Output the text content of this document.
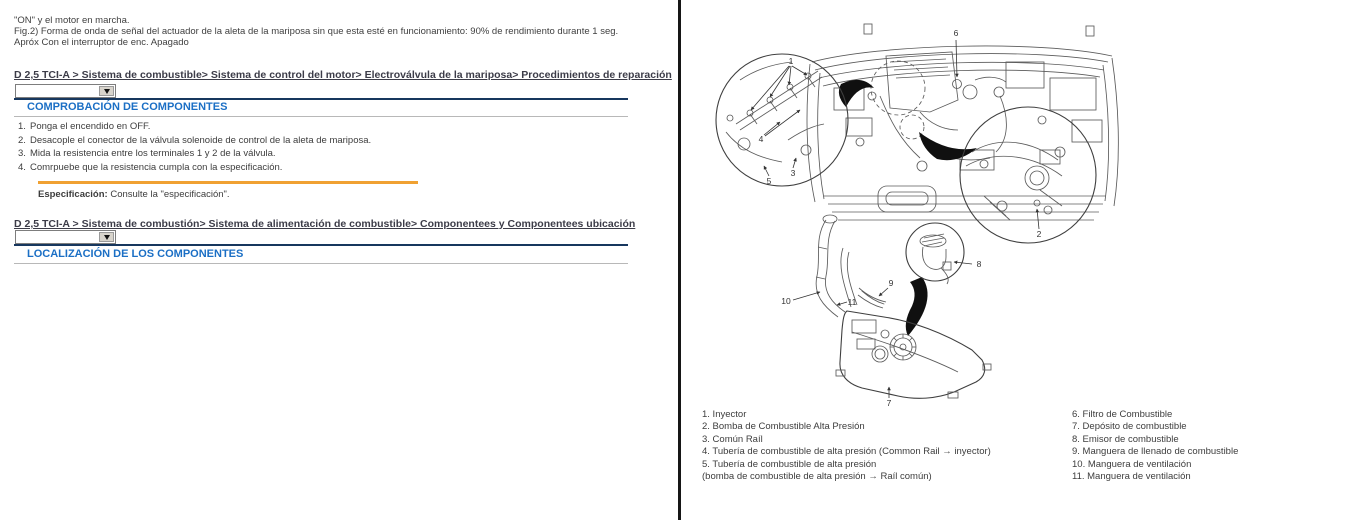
"ON" y el motor en marcha.
Fig.2) Forma de onda de señal del actuador de la aleta de la mariposa sin que esta esté en funcionamiento: 90% de rendimiento durante 1 seg. Apróx Con el interruptor de enc. Apagado
D 2,5 TCI-A > Sistema de combustible> Sistema de control del motor> Electroválvula de la mariposa> Procedimientos de reparación
COMPROBACIÓN DE COMPONENTES
1. Ponga el encendido en OFF.
2. Desacople el conector de la válvula solenoide de control de la aleta de mariposa.
3. Mida la resistencia entre los terminales 1 y 2 de la válvula.
4. Comrpuebe que la resistencia cumpla con la especificación.
Especificación: Consulte la "especificación".
D 2,5 TCI-A > Sistema de combustión> Sistema de alimentación de combustible> Componentees y Componentees ubicación
LOCALIZACIÓN DE LOS COMPONENTES
1
4
3
5
6
2
8
9
10	11
7
1. Inyector
2. Bomba de Combustible Alta Presión
3. Común Raíl
4. Tubería de combustible de alta presión (Common Rail → inyector)
5. Tubería de combustible de alta presión
(bomba de combustible de alta presión → Raíl común)
6. Filtro de Combustible
7. Depósito de combustible
8. Emisor de combustible
9. Manguera de llenado de combustible
10. Manguera de ventilación
11. Manguera de ventilación
